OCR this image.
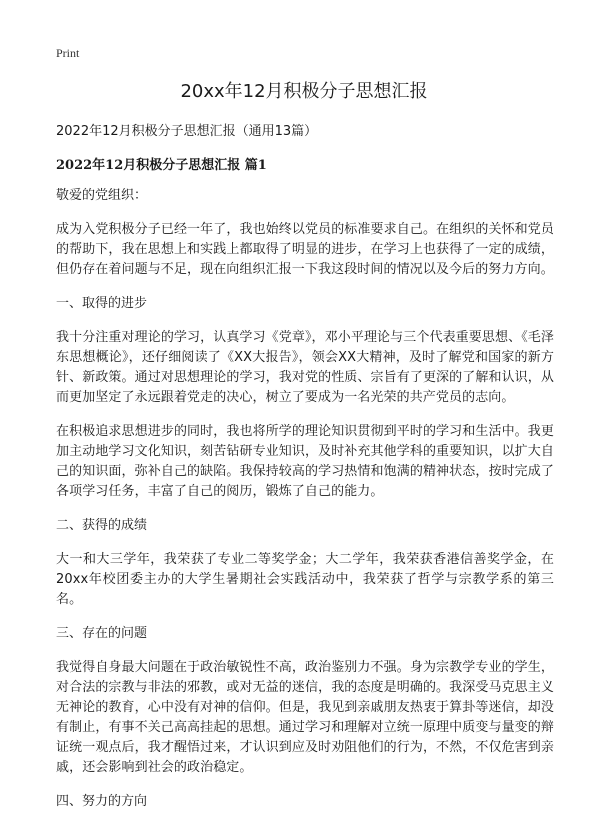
Print
20xx年12月积极分子思想汇报

2022年12月积极分子思想汇报（通用13篇）

2022年12月积极分子思想汇报 篇1

敬爱的党组织：

成为入党积极分子已经一年了，我也始终以党员的标准要求自己。在组织的关怀和党员的帮助下，我在思想上和实践上都取得了明显的进步，在学习上也获得了一定的成绩，但仍存在着问题与不足，现在向组织汇报一下我这段时间的情况以及今后的努力方向。

一、取得的进步

我十分注重对理论的学习，认真学习《党章》，邓小平理论与三个代表重要思想、《毛泽东思想概论》，还仔细阅读了《XX大报告》，领会XX大精神，及时了解党和国家的新方针、新政策。通过对思想理论的学习，我对党的性质、宗旨有了更深的了解和认识，从而更加坚定了永远跟着党走的决心，树立了要成为一名光荣的共产党员的志向。

在积极追求思想进步的同时，我也将所学的理论知识贯彻到平时的学习和生活中。我更加主动地学习文化知识，刻苦钻研专业知识，及时补充其他学科的重要知识，以扩大自己的知识面，弥补自己的缺陷。我保持较高的学习热情和饱满的精神状态，按时完成了各项学习任务，丰富了自己的阅历，锻炼了自己的能力。

二、获得的成绩

大一和大三学年，我荣获了专业二等奖学金；大二学年，我荣获香港信善奖学金，在20xx年校团委主办的大学生暑期社会实践活动中，我荣获了哲学与宗教学系的第三名。

三、存在的问题

我觉得自身最大问题在于政治敏锐性不高，政治鉴别力不强。身为宗教学专业的学生，对合法的宗教与非法的邪教，或对无益的迷信，我的态度是明确的。我深受马克思主义无神论的教育，心中没有对神的信仰。但是，我见到亲戚朋友热衷于算卦等迷信，却没有制止，有事不关己高高挂起的思想。通过学习和理解对立统一原理中质变与量变的辩证统一观点后，我才醒悟过来，才认识到应及时劝阻他们的行为，不然，不仅危害到亲戚，还会影响到社会的政治稳定。

四、努力的方向
